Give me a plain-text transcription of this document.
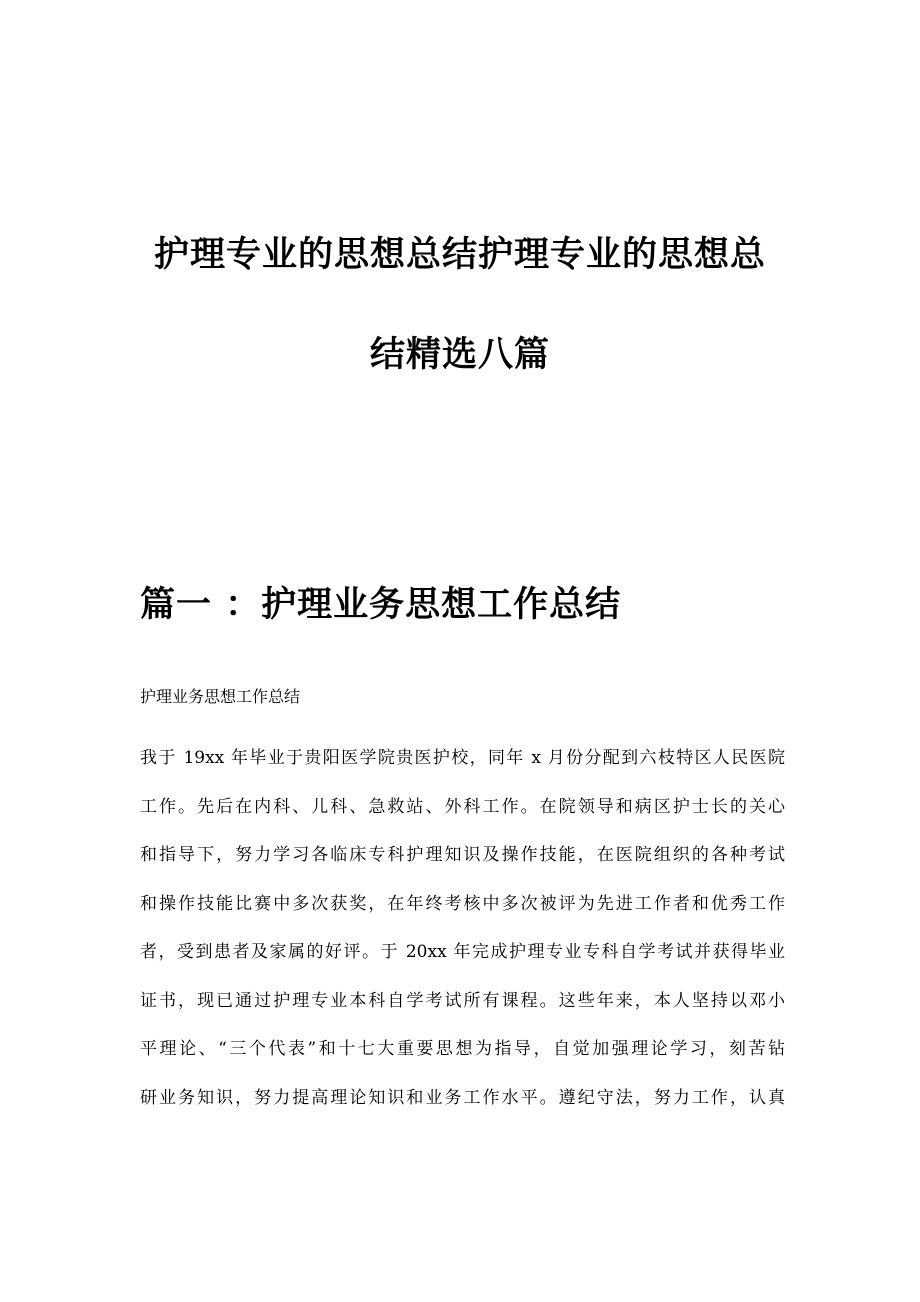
护理专业的思想总结护理专业的思想总
结精选八篇
篇一 ：护理业务思想工作总结

护理业务思想工作总结

我于 19xx 年毕业于贵阳医学院贵医护校，同年 x 月份分配到六枝特区人民医院
工作。先后在内科、儿科、急救站、外科工作。在院领导和病区护士长的关心
和指导下，努力学习各临床专科护理知识及操作技能，在医院组织的各种考试
和操作技能比赛中多次获奖，在年终考核中多次被评为先进工作者和优秀工作
者，受到患者及家属的好评。于 20xx 年完成护理专业专科自学考试并获得毕业
证书，现已通过护理专业本科自学考试所有课程。这些年来，本人坚持以邓小
平理论、“三个代表”和十七大重要思想为指导，自觉加强理论学习，刻苦钻
研业务知识，努力提高理论知识和业务工作水平。遵纪守法，努力工作，认真
